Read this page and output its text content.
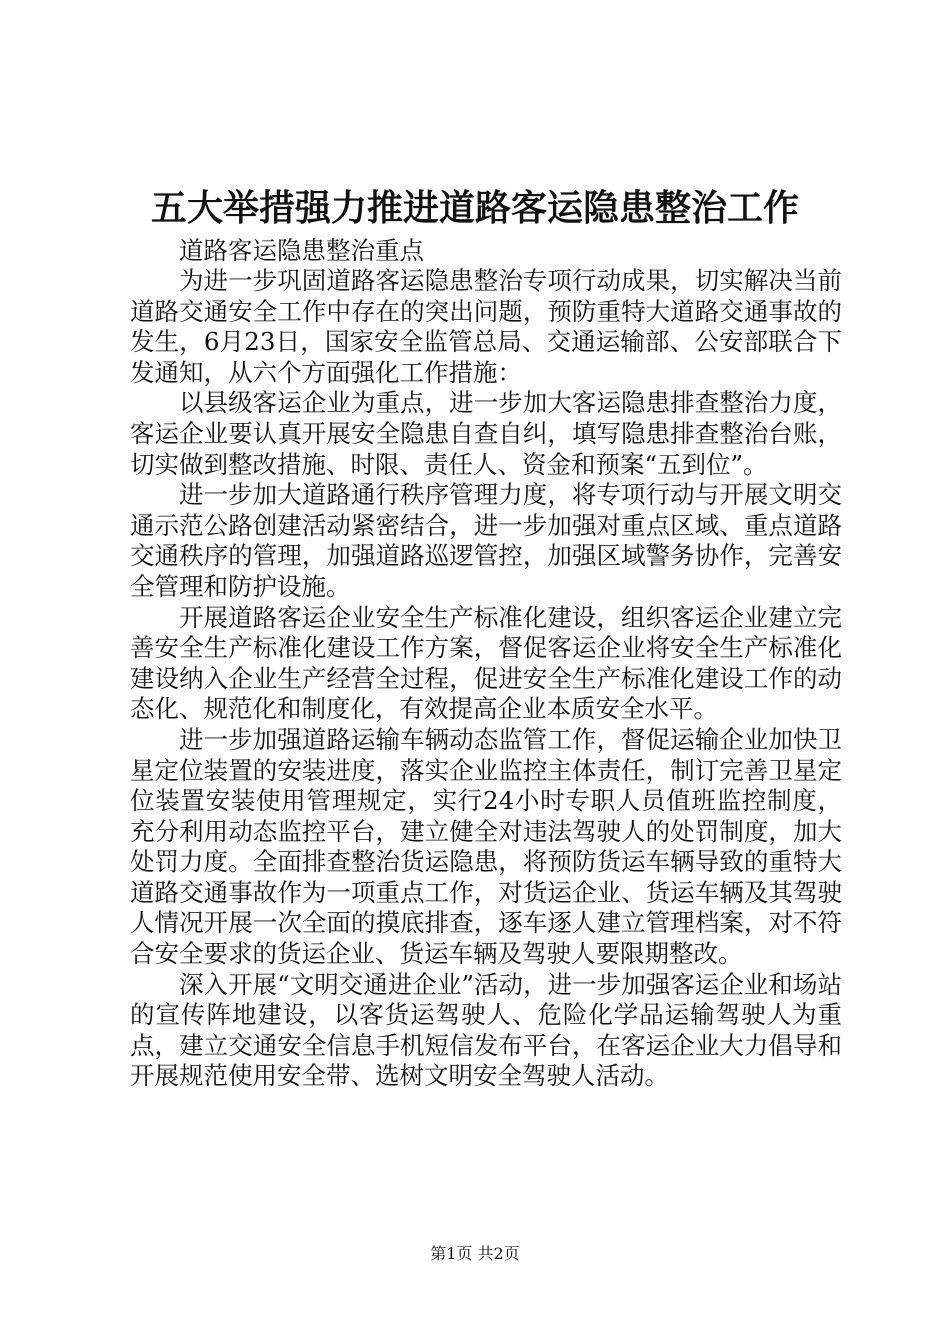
五大举措强力推进道路客运隐患整治工作

道路客运隐患整治重点

为进一步巩固道路客运隐患整治专项行动成果，切实解决当前道路交通安全工作中存在的突出问题，预防重特大道路交通事故的发生，6月23日，国家安全监管总局、交通运输部、公安部联合下发通知，从六个方面强化工作措施：

以县级客运企业为重点，进一步加大客运隐患排查整治力度，客运企业要认真开展安全隐患自查自纠，填写隐患排查整治台账，切实做到整改措施、时限、责任人、资金和预案“五到位”。

进一步加大道路通行秩序管理力度，将专项行动与开展文明交通示范公路创建活动紧密结合，进一步加强对重点区域、重点道路交通秩序的管理，加强道路巡逻管控，加强区域警务协作，完善安全管理和防护设施。

开展道路客运企业安全生产标准化建设，组织客运企业建立完善安全生产标准化建设工作方案，督促客运企业将安全生产标准化建设纳入企业生产经营全过程，促进安全生产标准化建设工作的动态化、规范化和制度化，有效提高企业本质安全水平。

进一步加强道路运输车辆动态监管工作，督促运输企业加快卫星定位装置的安装进度，落实企业监控主体责任，制订完善卫星定位装置安装使用管理规定，实行24小时专职人员值班监控制度，充分利用动态监控平台，建立健全对违法驾驶人的处罚制度，加大处罚力度。全面排查整治货运隐患，将预防货运车辆导致的重特大道路交通事故作为一项重点工作，对货运企业、货运车辆及其驾驶人情况开展一次全面的摸底排查，逐车逐人建立管理档案，对不符合安全要求的货运企业、货运车辆及驾驶人要限期整改。

深入开展“文明交通进企业”活动，进一步加强客运企业和场站的宣传阵地建设，以客货运驾驶人、危险化学品运输驾驶人为重点，建立交通安全信息手机短信发布平台，在客运企业大力倡导和开展规范使用安全带、选树文明安全驾驶人活动。

第1页 共2页
